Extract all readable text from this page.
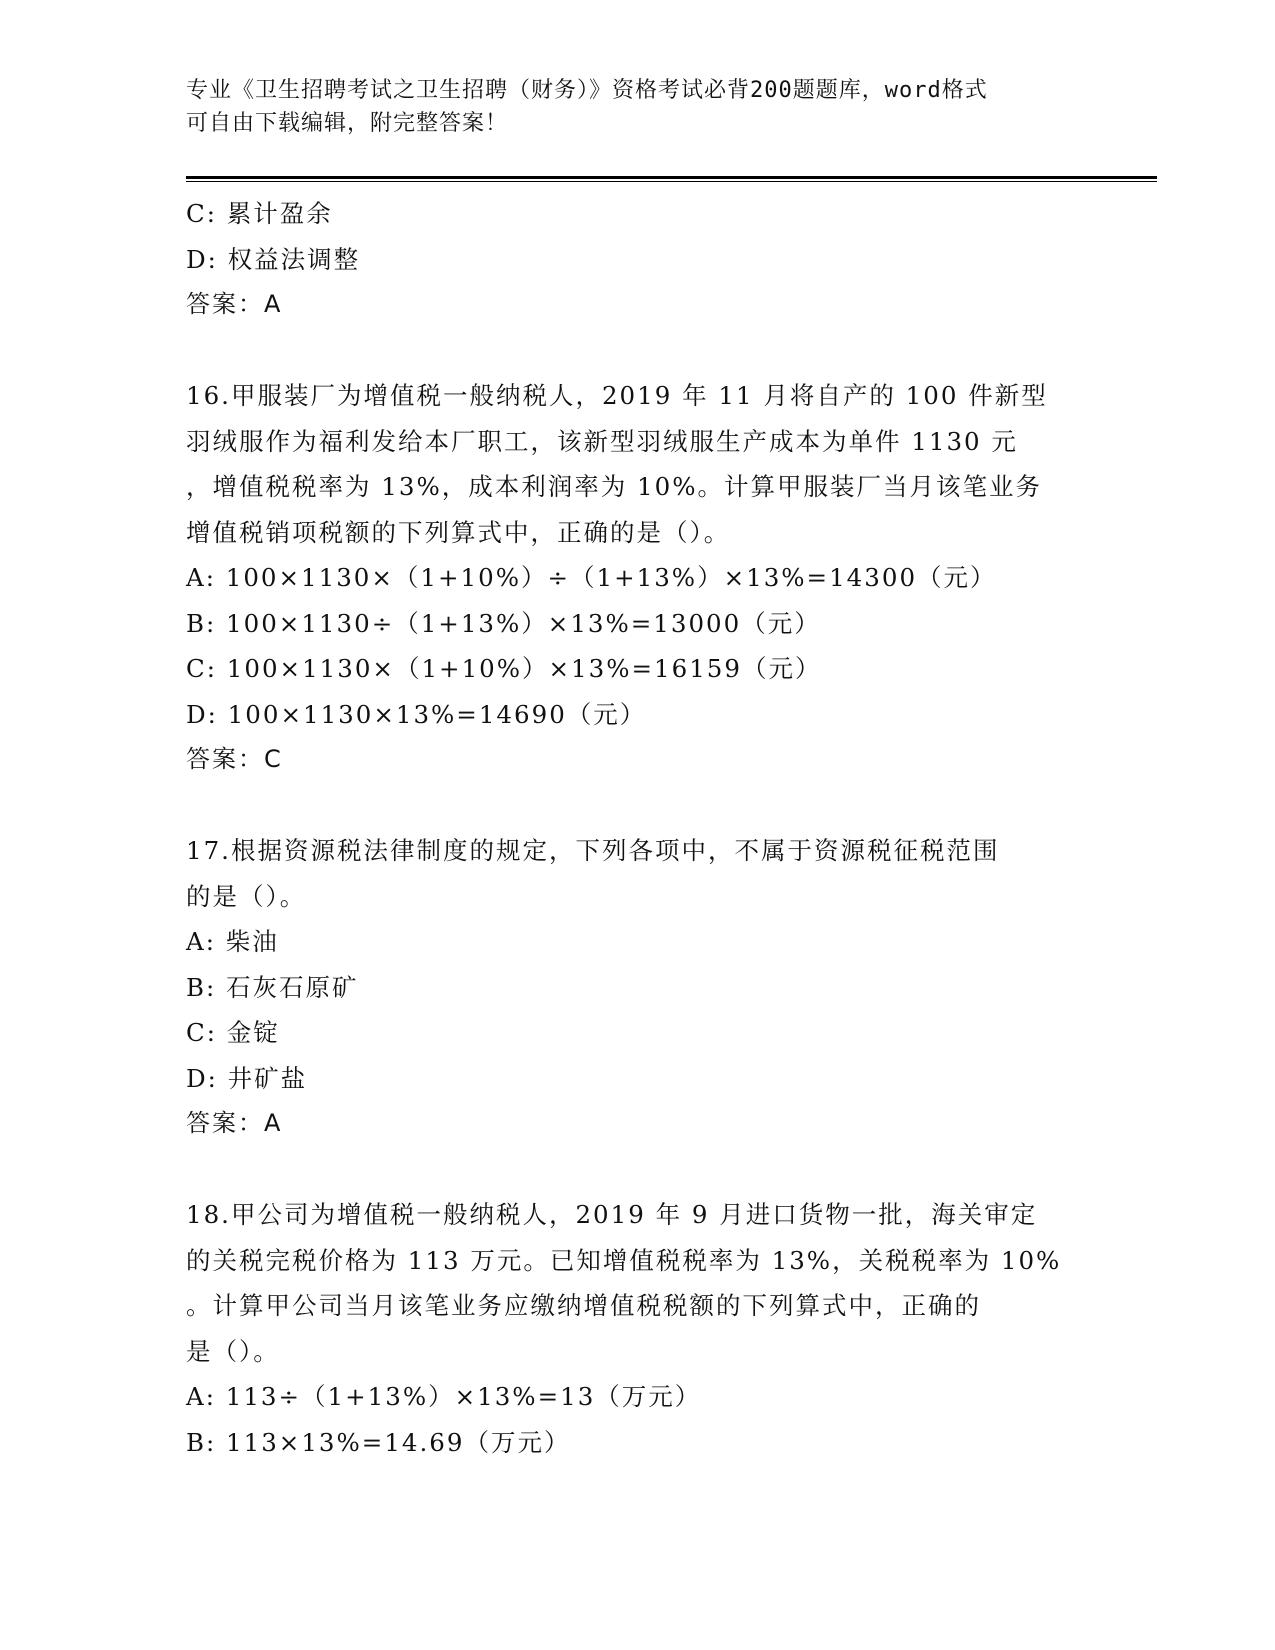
专业《卫生招聘考试之卫生招聘（财务）》资格考试必背200题题库，word格式
可自由下载编辑，附完整答案！
C: 累计盈余
D: 权益法调整
答案：A
16.甲服装厂为增值税一般纳税人，2019 年 11 月将自产的 100 件新型
羽绒服作为福利发给本厂职工，该新型羽绒服生产成本为单件 1130 元
，增值税税率为 13%，成本利润率为 10%。计算甲服装厂当月该笔业务
增值税销项税额的下列算式中，正确的是（）。
A: 100×1130×（1+10%）÷（1+13%）×13%=14300（元）
B: 100×1130÷（1+13%）×13%=13000（元）
C: 100×1130×（1+10%）×13%=16159（元）
D: 100×1130×13%=14690（元）
答案：C
17.根据资源税法律制度的规定，下列各项中，不属于资源税征税范围
的是（）。
A: 柴油
B: 石灰石原矿
C: 金锭
D: 井矿盐
答案：A
18.甲公司为增值税一般纳税人，2019 年 9 月进口货物一批，海关审定
的关税完税价格为 113 万元。已知增值税税率为 13%，关税税率为 10%
。计算甲公司当月该笔业务应缴纳增值税税额的下列算式中，正确的
是（）。
A: 113÷（1+13%）×13%=13（万元）
B: 113×13%=14.69（万元）
